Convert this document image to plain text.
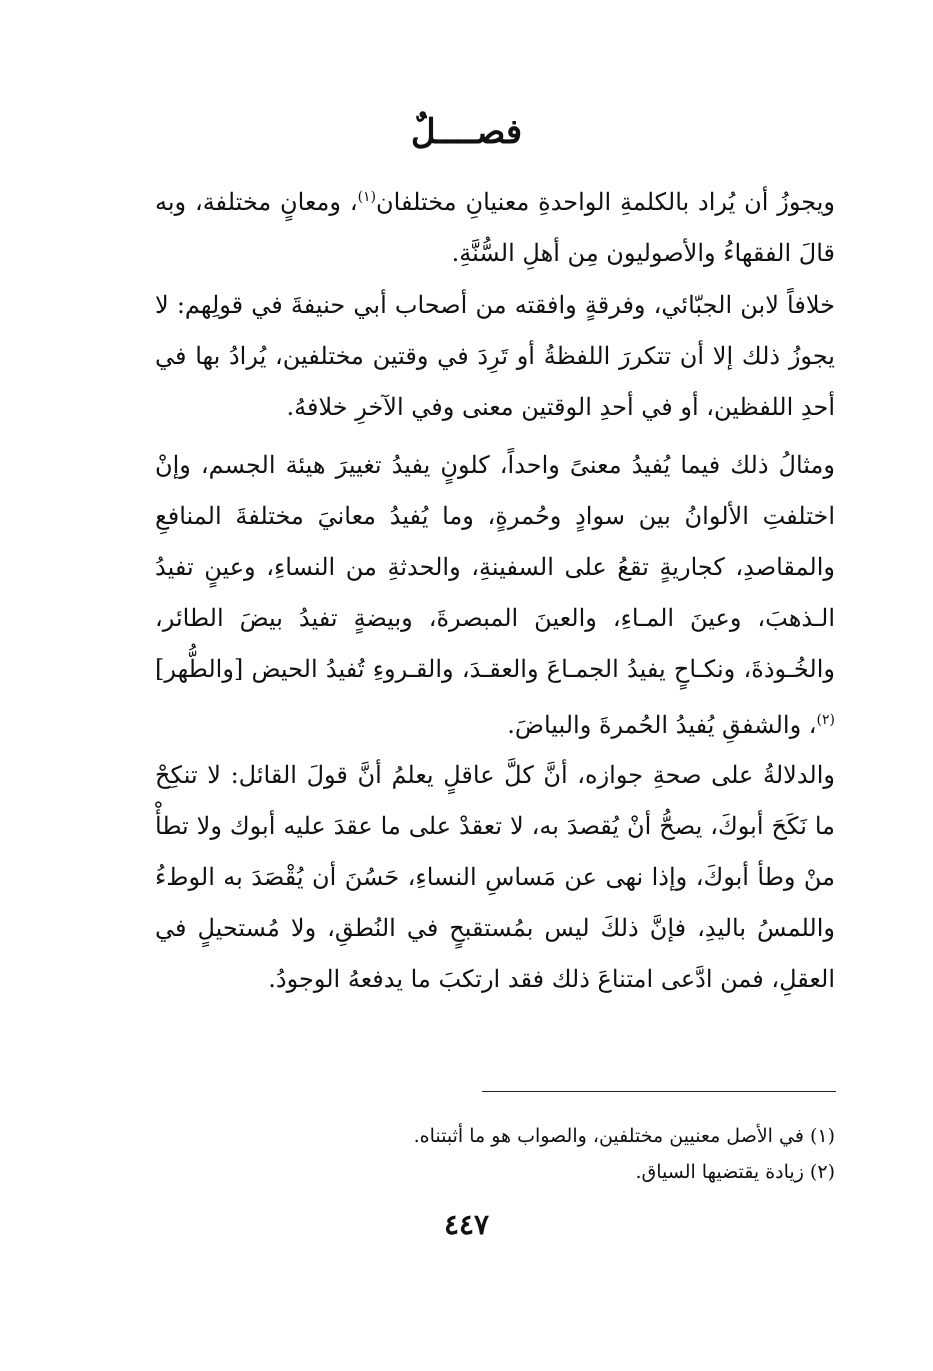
فصــــلٌ
ويجوزُ أن يُراد بالكلمةِ الواحدةِ معنيانِ مختلفان$^{(١)}$، ومعانٍ مختلفة، وبه قالَ الفقهاءُ والأصوليون مِن أهلِ السُّنَّةِ.
خلافاً لابن الجبّائي، وفرقةٍ وافقته من أصحاب أبي حنيفةَ في قولِهم: لا يجوزُ ذلك إلا أن تتكررَ اللفظةُ أو تَرِدَ في وقتين مختلفين، يُرادُ بها في أحدِ اللفظين، أو في أحدِ الوقتين معنى وفي الآخرِ خلافهُ.
ومثالُ ذلك فيما يُفيدُ معنىً واحداً، كلونٍ يفيدُ تغييرَ هيئة الجسم، وإنْ اختلفتِ الألوانُ بين سوادٍ وحُمرةٍ، وما يُفيدُ معانيَ مختلفةَ المنافعِ والمقاصدِ، كجاريةٍ تقعُ على السفينةِ، والحدثةِ من النساءِ، وعينٍ تفيدُ الـذهبَ، وعينَ المـاءِ، والعينَ المبصرةَ، وبيضةٍ تفيدُ بيضَ الطائر، والخُـوذةَ، ونكـاحٍ يفيدُ الجمـاعَ والعقـدَ، والقـروءِ تُفيدُ الحيض [والطُّهر]$^{(٢)}$، والشفقِ يُفيدُ الحُمرةَ والبياضَ.
والدلالةُ على صحةِ جوازه، أنَّ كلَّ عاقلٍ يعلمُ أنَّ قولَ القائل: لا تنكِحْ ما نَكَحَ أبوكَ، يصحُّ أنْ يُقصدَ به، لا تعقدْ على ما عقدَ عليه أبوك ولا تطأْ منْ وطأ أبوكَ، وإذا نهى عن مَساسِ النساءِ، حَسُنَ أن يُقْصَدَ به الوطءُ واللمسُ باليدِ، فإنَّ ذلكَ ليس بمُستقبحٍ في النُطقِ، ولا مُستحيلٍ في العقلِ، فمن ادَّعى امتناعَ ذلك فقد ارتكبَ ما يدفعهُ الوجودُ.
(١) في الأصل معنيين مختلفين، والصواب هو ما أثبتناه.
(٢) زيادة يقتضيها السياق.
٤٤٧
